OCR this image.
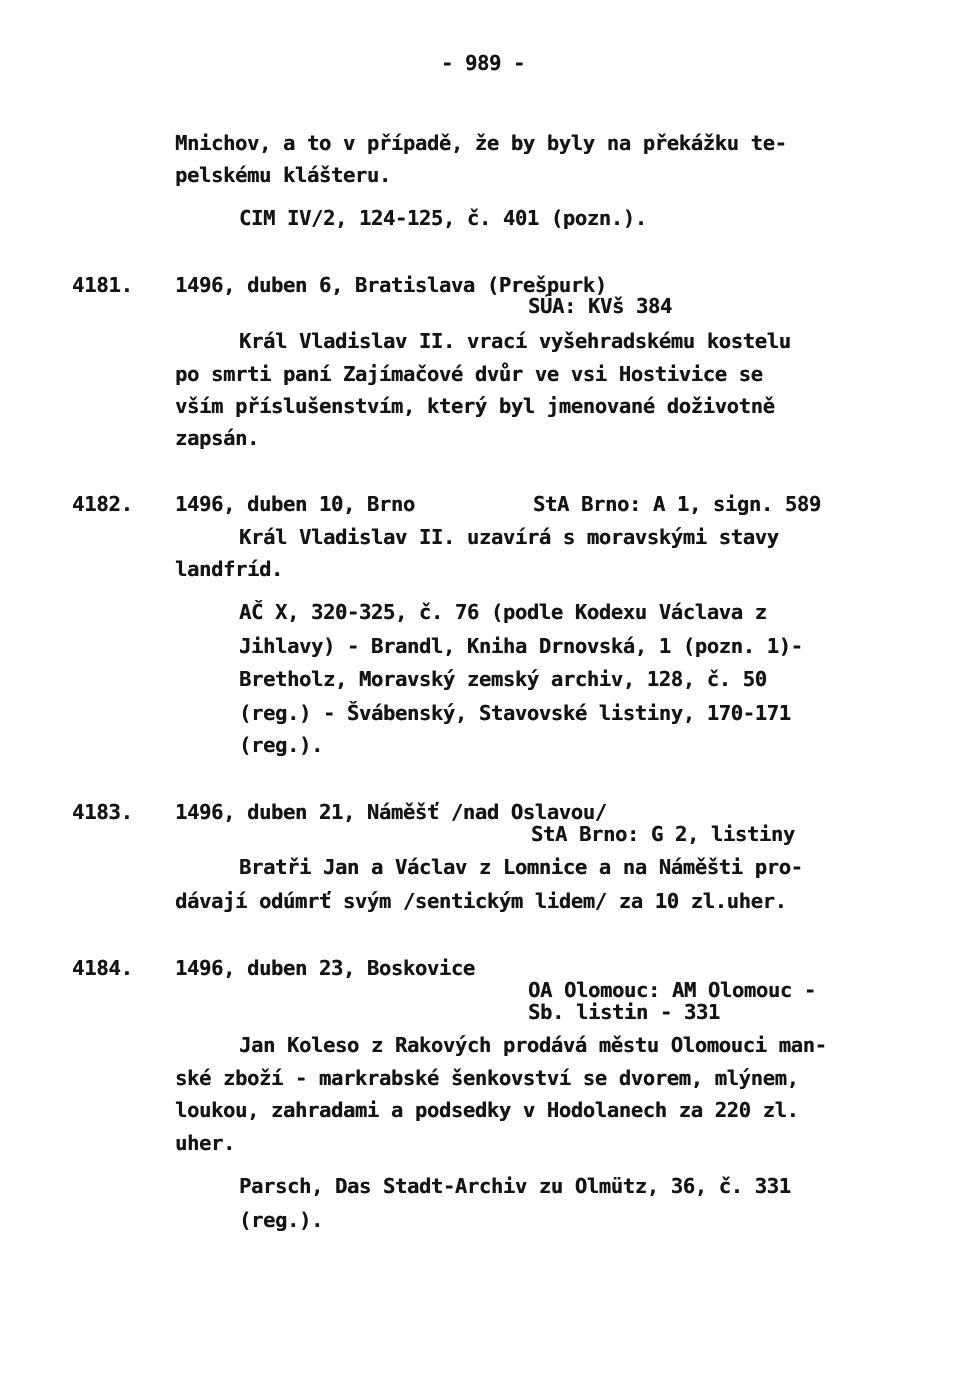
- 989 -
Mnichov, a to v případě, že by byly na překážku te-
pelskému klášteru.
CIM IV/2, 124-125, č. 401 (pozn.).
4181. 1496, duben 6, Bratislava (Prešpurk)
SÚA: KVš 384
Král Vladislav II. vrací vyšehradskému kostelu
po smrti paní Zajímačové dvůr ve vsi Hostivice se
vším příslušenstvím, který byl jmenované doživotně
zapsán.
4182. 1496, duben 10, Brno	StA Brno: A 1, sign. 589
Král Vladislav II. uzavírá s moravskými stavy
landfríd.
AČ X, 320-325, č. 76 (podle Kodexu Václava z
Jihlavy) - Brandl, Kniha Drnovská, 1 (pozn. 1)-
Bretholz, Moravský zemský archiv, 128, č. 50
(reg.) - Švábenský, Stavovské listiny, 170-171
(reg.).
4183. 1496, duben 21, Náměšť /nad Oslavou/
StA Brno: G 2, listiny
Bratři Jan a Václav z Lomnice a na Náměšti pro-
dávají odúmrť svým /sentickým lidem/ za 10 zl.uher.
4184. 1496, duben 23, Boskovice
OA Olomouc: AM Olomouc -
Sb. listin - 331
Jan Koleso z Rakových prodává městu Olomouci man-
ské zboží - markrabské šenkovství se dvorem, mlýnem,
loukou, zahradami a podsedky v Hodolanech za 220 zl.
uher.
Parsch, Das Stadt-Archiv zu Olmütz, 36, č. 331
(reg.).
